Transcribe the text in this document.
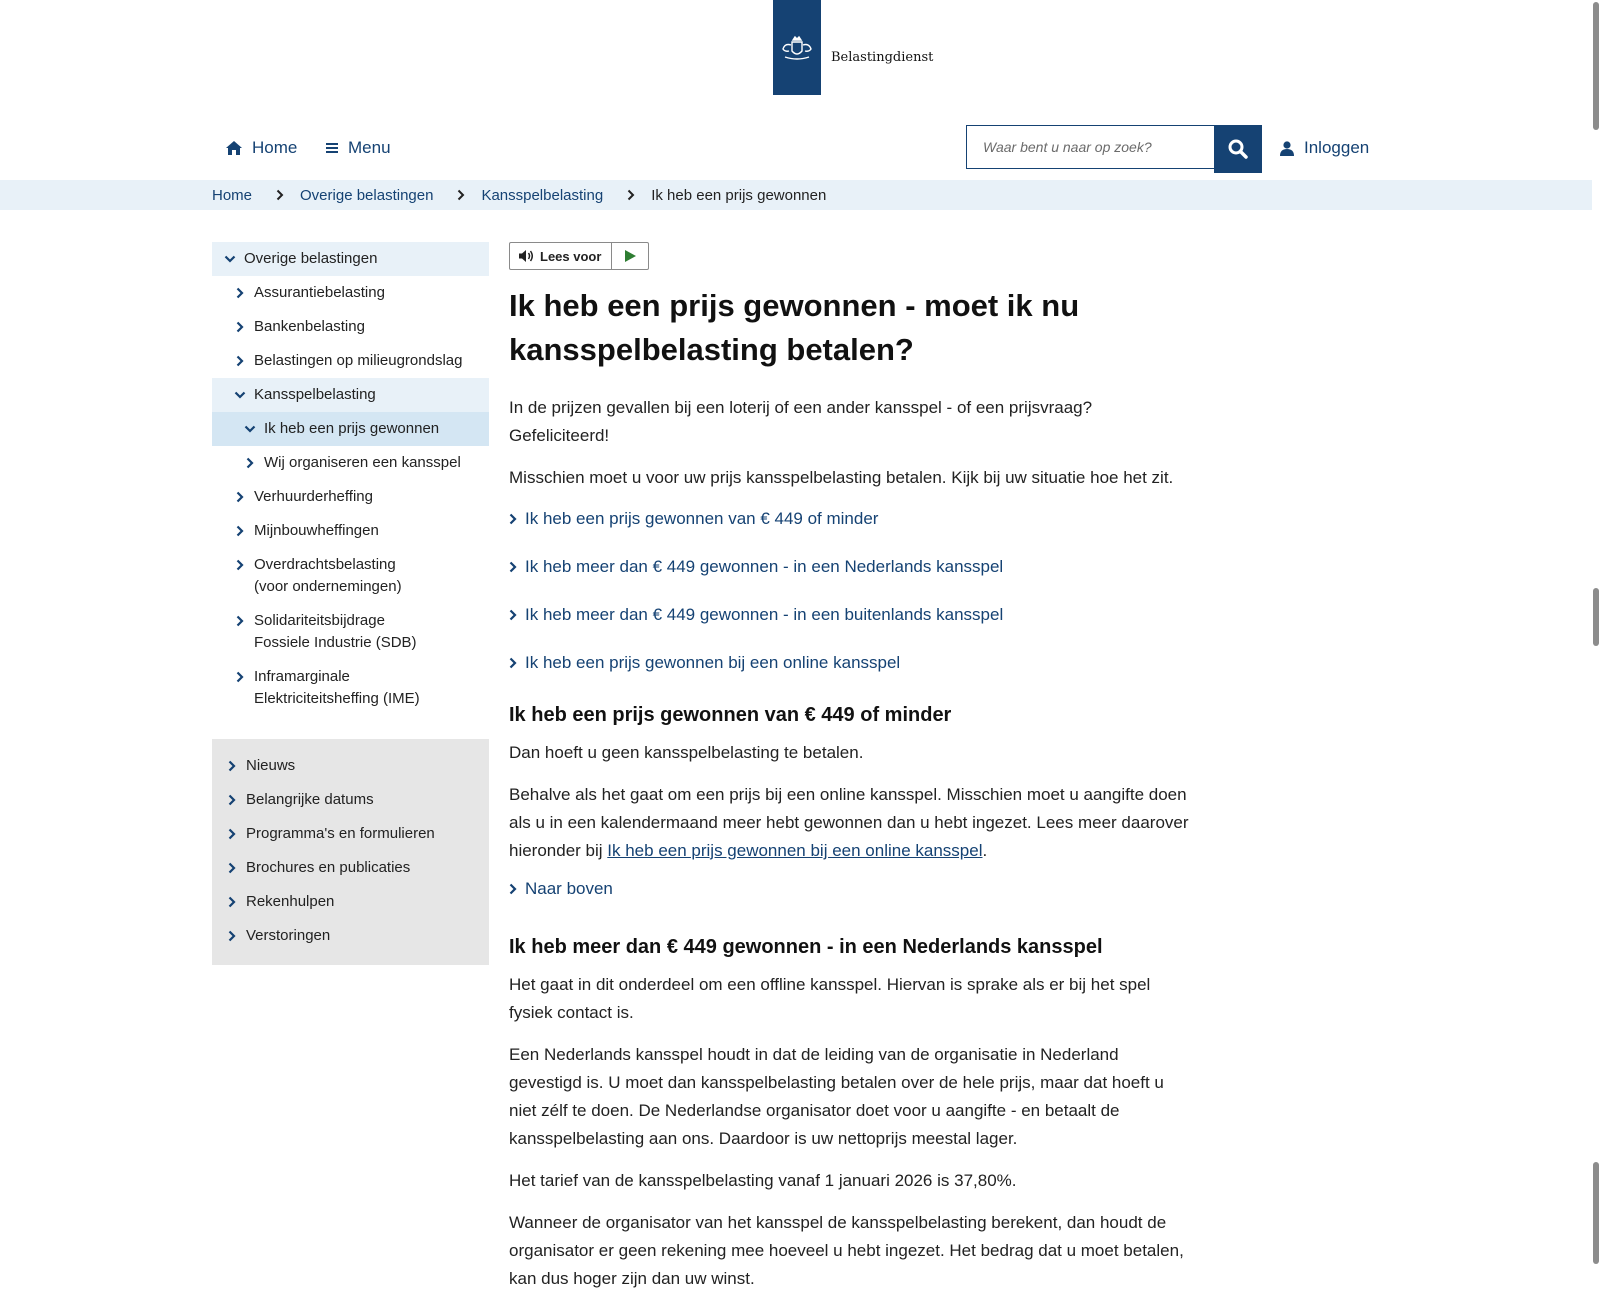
Belastingdienst
Home	Menu
Waar bent u naar op zoek?	Inloggen
Home	Overige belastingen	Kansspelbelasting	Ik heb een prijs gewonnen
Overige belastingen
Assurantiebelasting
Bankenbelasting
Belastingen op milieugrondslag
Kansspelbelasting
Ik heb een prijs gewonnen
Wij organiseren een kansspel
Verhuurderheffing
Mijnbouwheffingen
Overdrachtsbelasting (voor ondernemingen)
Solidariteitsbijdrage Fossiele Industrie (SDB)
Inframarginale Elektriciteitsheffing (IME)
Nieuws
Belangrijke datums
Programma's en formulieren
Brochures en publicaties
Rekenhulpen
Verstoringen
Lees voor
Ik heb een prijs gewonnen - moet ik nu kansspelbelasting betalen?

In de prijzen gevallen bij een loterij of een ander kansspel - of een prijsvraag? Gefeliciteerd!

Misschien moet u voor uw prijs kansspelbelasting betalen. Kijk bij uw situatie hoe het zit.

Ik heb een prijs gewonnen van € 449 of minder
Ik heb meer dan € 449 gewonnen - in een Nederlands kansspel
Ik heb meer dan € 449 gewonnen - in een buitenlands kansspel
Ik heb een prijs gewonnen bij een online kansspel
Ik heb een prijs gewonnen van € 449 of minder

Dan hoeft u geen kansspelbelasting te betalen.

Behalve als het gaat om een prijs bij een online kansspel. Misschien moet u aangifte doen als u in een kalendermaand meer hebt gewonnen dan u hebt ingezet. Lees meer daarover hieronder bij Ik heb een prijs gewonnen bij een online kansspel.

Naar boven
Ik heb meer dan € 449 gewonnen - in een Nederlands kansspel

Het gaat in dit onderdeel om een offline kansspel. Hiervan is sprake als er bij het spel fysiek contact is.

Een Nederlands kansspel houdt in dat de leiding van de organisatie in Nederland gevestigd is. U moet dan kansspelbelasting betalen over de hele prijs, maar dat hoeft u niet zélf te doen. De Nederlandse organisator doet voor u aangifte - en betaalt de kansspelbelasting aan ons. Daardoor is uw nettoprijs meestal lager.

Het tarief van de kansspelbelasting vanaf 1 januari 2026 is 37,80%.

Wanneer de organisator van het kansspel de kansspelbelasting berekent, dan houdt de organisator er geen rekening mee hoeveel u hebt ingezet. Het bedrag dat u moet betalen, kan dus hoger zijn dan uw winst.
